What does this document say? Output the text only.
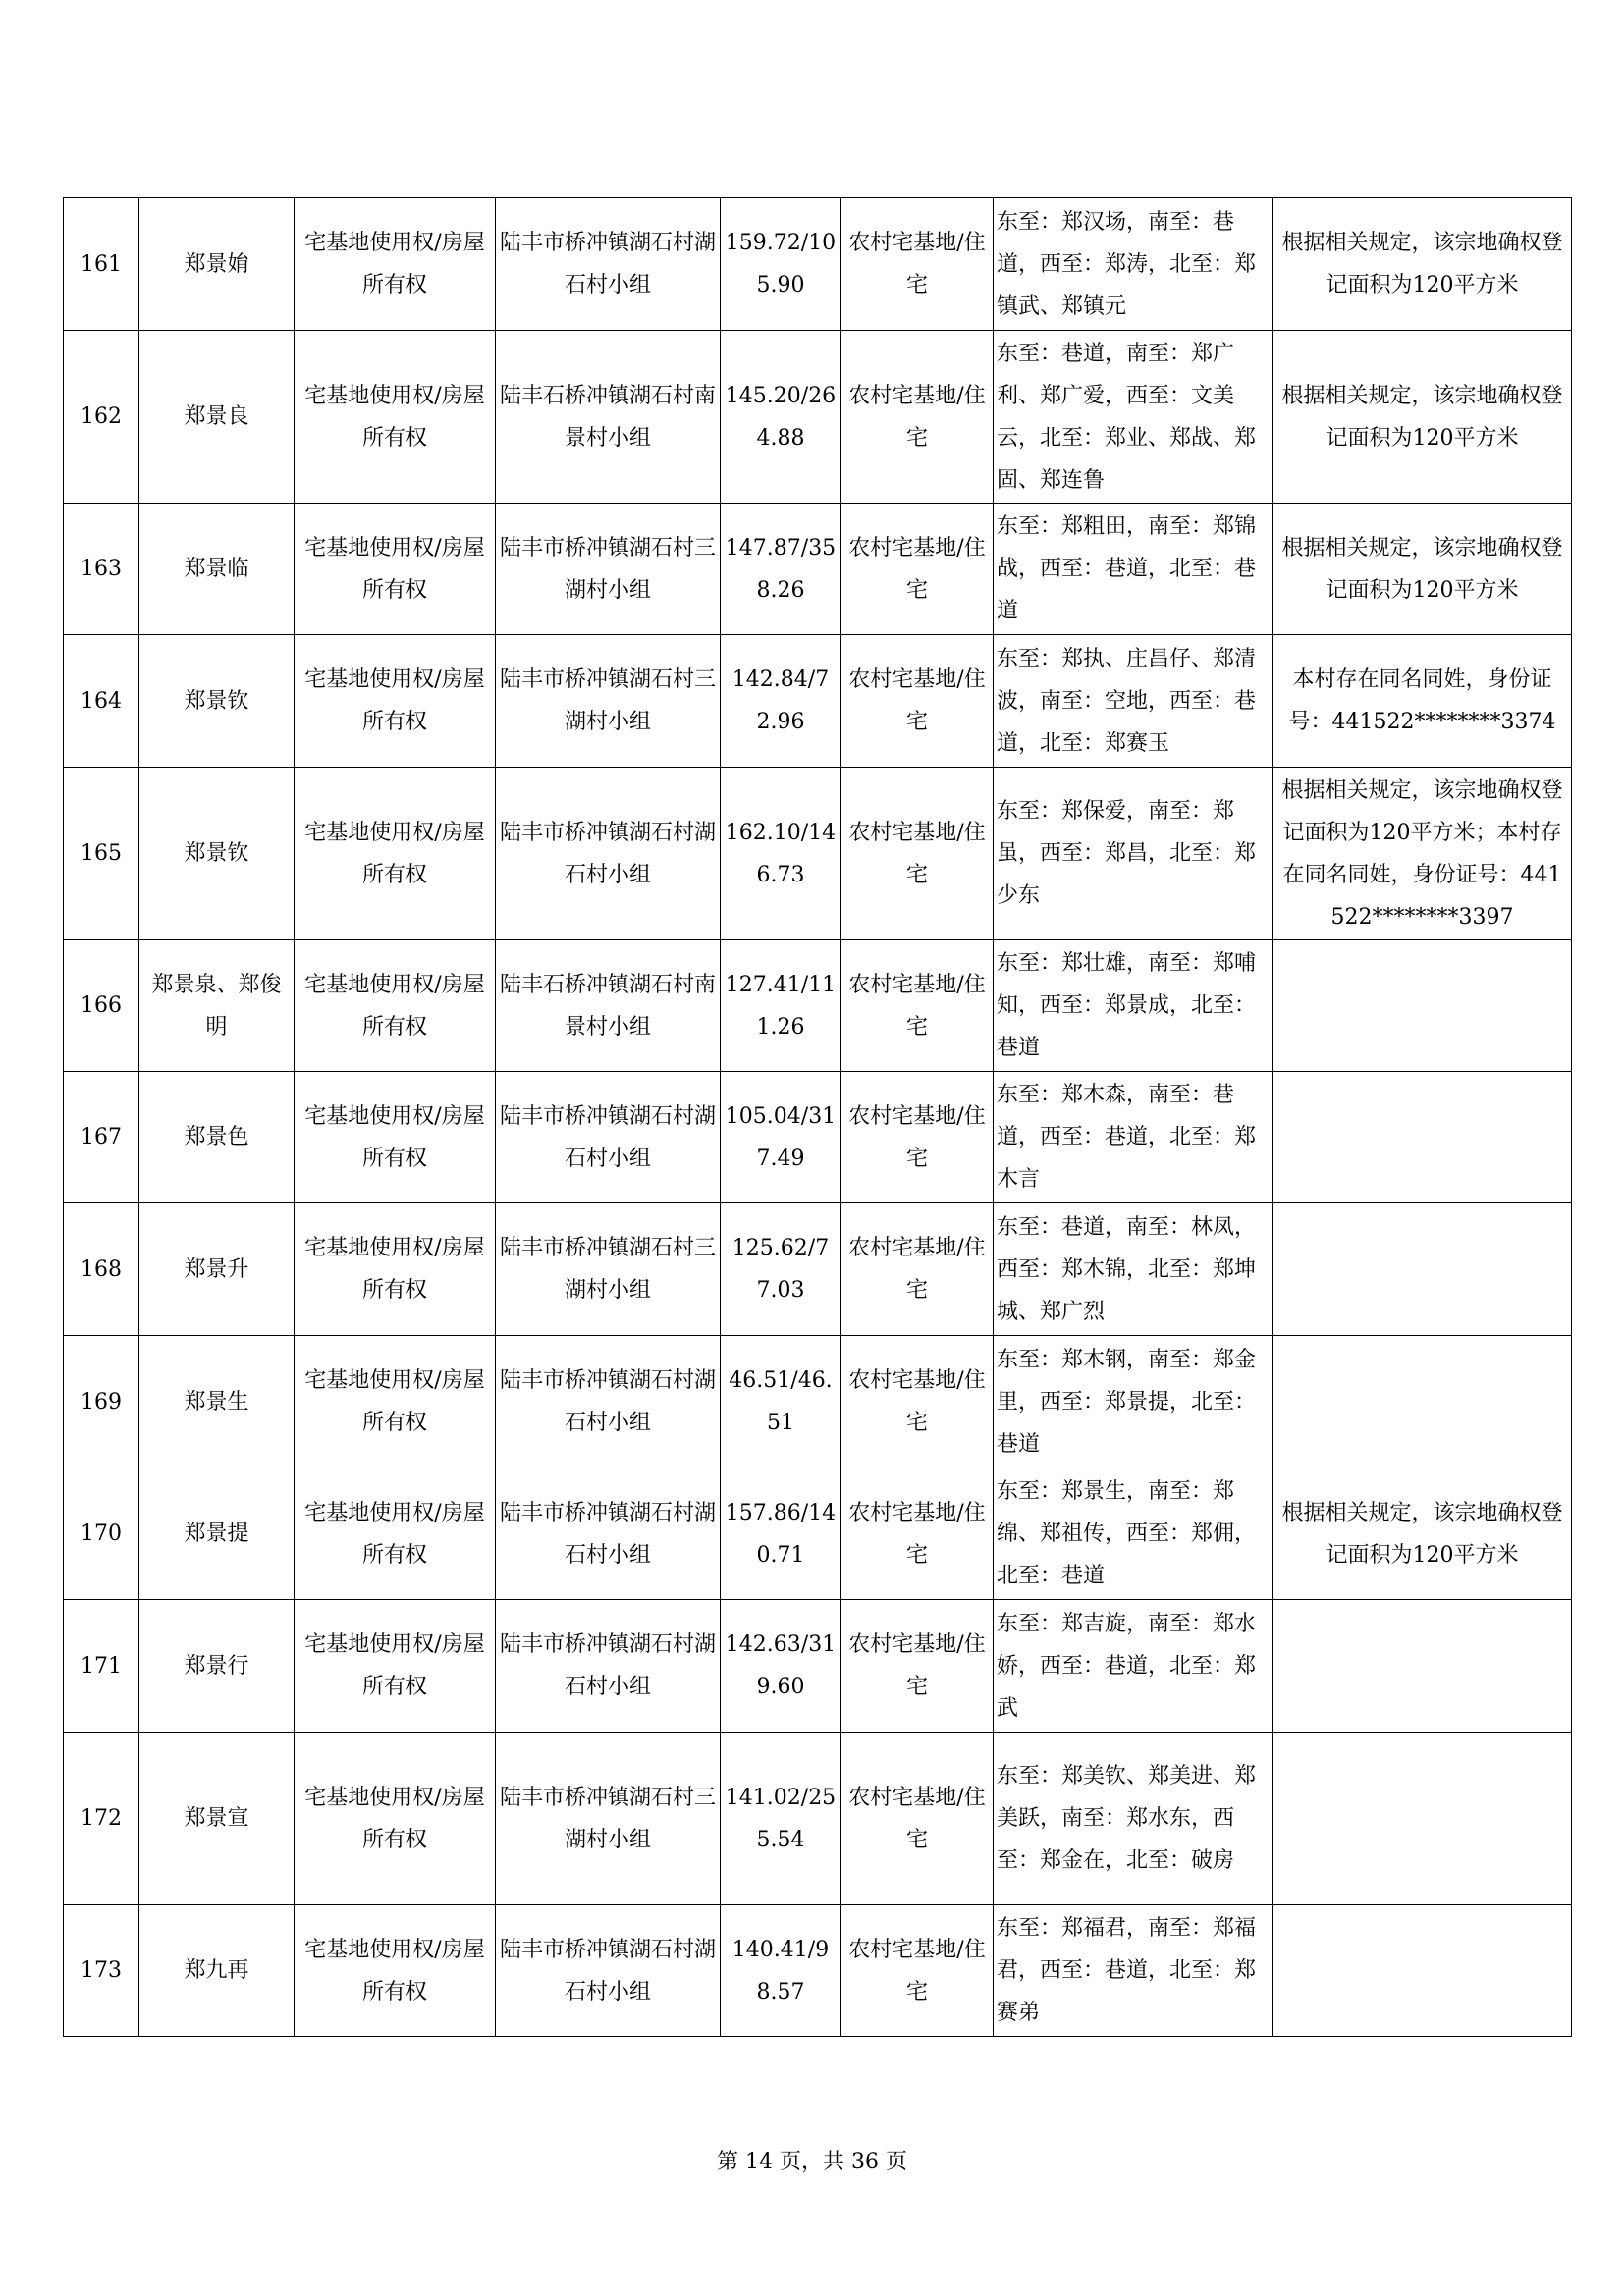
161	郑景姢	宅基地使用权/房屋所有权	陆丰市桥冲镇湖石村湖石村小组	159.72/105.90	农村宅基地/住宅	东至：郑汉场，南至：巷道，西至：郑涛，北至：郑镇武、郑镇元	根据相关规定，该宗地确权登记面积为120平方米
162	郑景良	宅基地使用权/房屋所有权	陆丰石桥冲镇湖石村南景村小组	145.20/264.88	农村宅基地/住宅	东至：巷道，南至：郑广利、郑广爱，西至：文美云，北至：郑业、郑战、郑固、郑连鲁	根据相关规定，该宗地确权登记面积为120平方米
163	郑景临	宅基地使用权/房屋所有权	陆丰市桥冲镇湖石村三湖村小组	147.87/358.26	农村宅基地/住宅	东至：郑粗田，南至：郑锦战，西至：巷道，北至：巷道	根据相关规定，该宗地确权登记面积为120平方米
164	郑景钦	宅基地使用权/房屋所有权	陆丰市桥冲镇湖石村三湖村小组	142.84/72.96	农村宅基地/住宅	东至：郑执、庄昌仔、郑清波，南至：空地，西至：巷道，北至：郑赛玉	本村存在同名同姓，身份证号：441522********3374
165	郑景钦	宅基地使用权/房屋所有权	陆丰市桥冲镇湖石村湖石村小组	162.10/146.73	农村宅基地/住宅	东至：郑保爱，南至：郑虽，西至：郑昌，北至：郑少东	根据相关规定，该宗地确权登记面积为120平方米；本村存在同名同姓，身份证号：441522********3397
166	郑景泉、郑俊明	宅基地使用权/房屋所有权	陆丰石桥冲镇湖石村南景村小组	127.41/111.26	农村宅基地/住宅	东至：郑壮雄，南至：郑哺知，西至：郑景成，北至：巷道	
167	郑景色	宅基地使用权/房屋所有权	陆丰市桥冲镇湖石村湖石村小组	105.04/317.49	农村宅基地/住宅	东至：郑木森，南至：巷道，西至：巷道，北至：郑木言	
168	郑景升	宅基地使用权/房屋所有权	陆丰市桥冲镇湖石村三湖村小组	125.62/77.03	农村宅基地/住宅	东至：巷道，南至：林凤，西至：郑木锦，北至：郑坤城、郑广烈	
169	郑景生	宅基地使用权/房屋所有权	陆丰市桥冲镇湖石村湖石村小组	46.51/46.51	农村宅基地/住宅	东至：郑木钢，南至：郑金里，西至：郑景提，北至：巷道	
170	郑景提	宅基地使用权/房屋所有权	陆丰市桥冲镇湖石村湖石村小组	157.86/140.71	农村宅基地/住宅	东至：郑景生，南至：郑绵、郑祖传，西至：郑佣，北至：巷道	根据相关规定，该宗地确权登记面积为120平方米
171	郑景行	宅基地使用权/房屋所有权	陆丰市桥冲镇湖石村湖石村小组	142.63/319.60	农村宅基地/住宅	东至：郑吉旋，南至：郑水娇，西至：巷道，北至：郑武	
172	郑景宣	宅基地使用权/房屋所有权	陆丰市桥冲镇湖石村三湖村小组	141.02/255.54	农村宅基地/住宅	东至：郑美钦、郑美进、郑美跃，南至：郑水东，西至：郑金在，北至：破房	
173	郑九再	宅基地使用权/房屋所有权	陆丰市桥冲镇湖石村湖石村小组	140.41/98.57	农村宅基地/住宅	东至：郑福君，南至：郑福君，西至：巷道，北至：郑赛弟	
第 14 页，共 36 页
